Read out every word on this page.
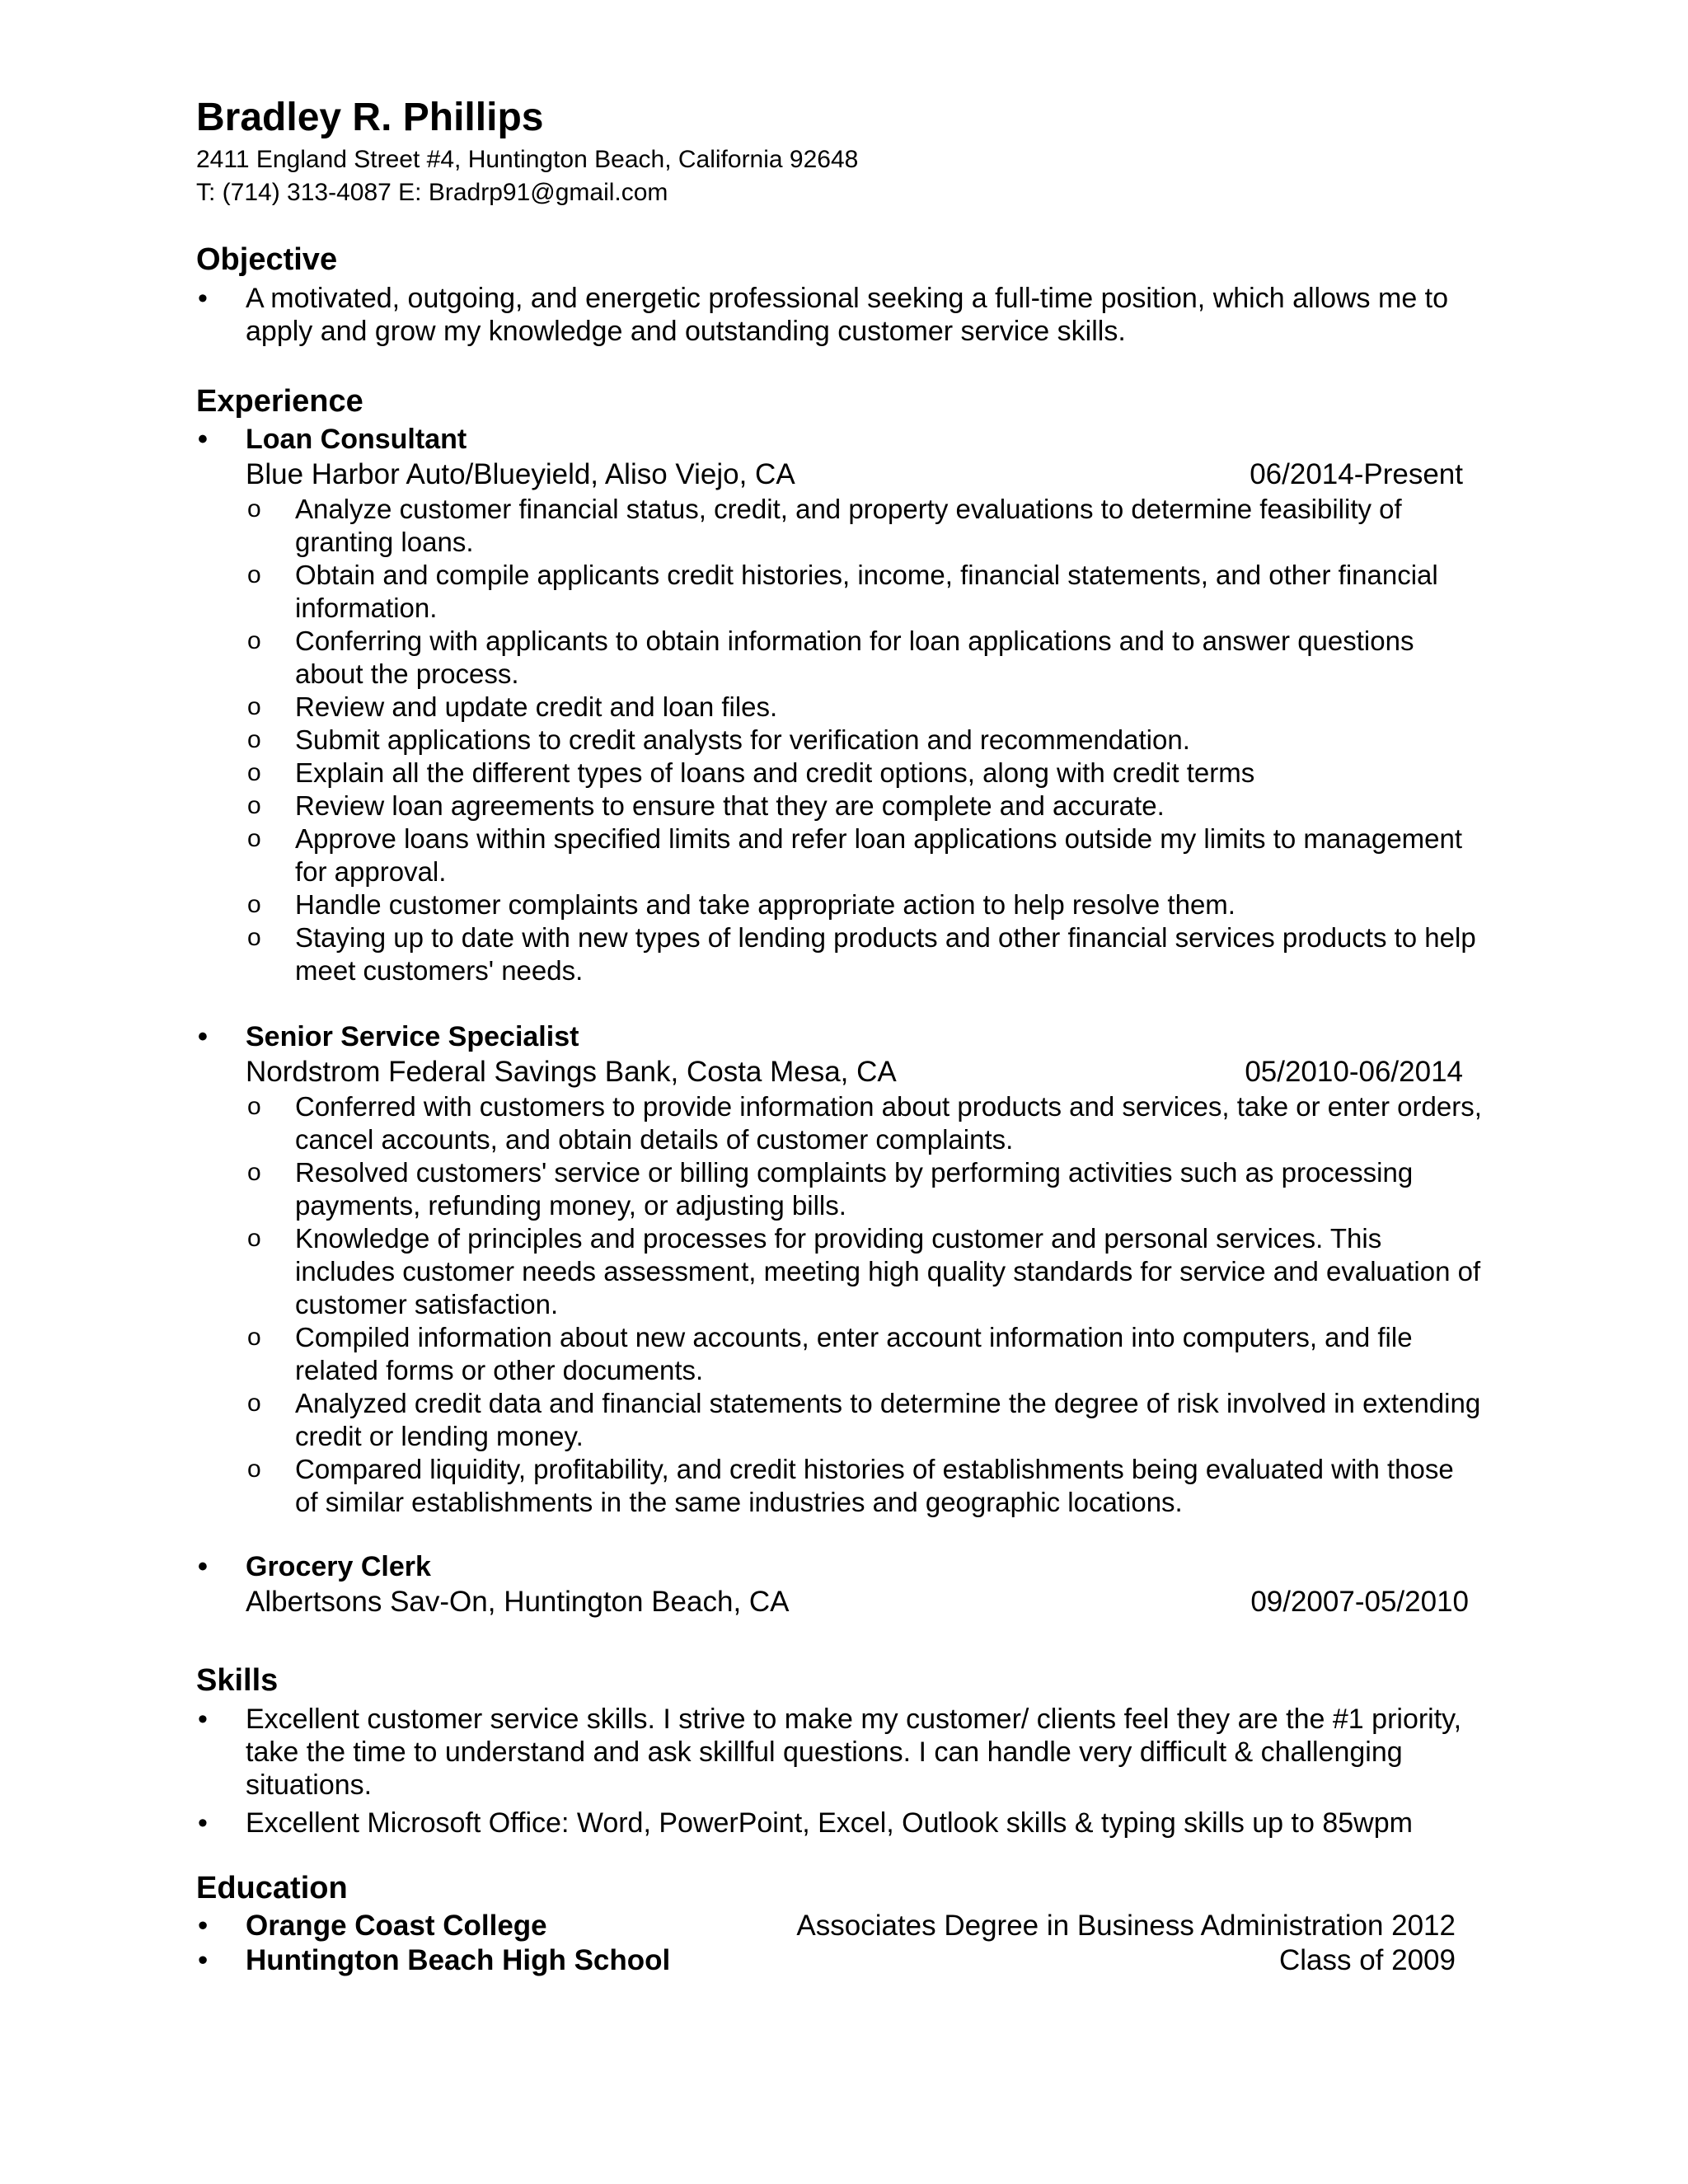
Bradley R. Phillips
2411 England Street #4, Huntington Beach, California 92648
T: (714) 313-4087 E: Bradrp91@gmail.com
Objective
• A motivated, outgoing, and energetic professional seeking a full-time position, which allows me to apply and grow my knowledge and outstanding customer service skills.
Experience
• Loan Consultant
Blue Harbor Auto/Blueyield, Aliso Viejo, CA	06/2014-Present
o Analyze customer financial status, credit, and property evaluations to determine feasibility of granting loans.
o Obtain and compile applicants credit histories, income, financial statements, and other financial information.
o Conferring with applicants to obtain information for loan applications and to answer questions about the process.
o Review and update credit and loan files.
o Submit applications to credit analysts for verification and recommendation.
o Explain all the different types of loans and credit options, along with credit terms
o Review loan agreements to ensure that they are complete and accurate.
o Approve loans within specified limits and refer loan applications outside my limits to management for approval.
o Handle customer complaints and take appropriate action to help resolve them.
o Staying up to date with new types of lending products and other financial services products to help meet customers' needs.
• Senior Service Specialist
Nordstrom Federal Savings Bank, Costa Mesa, CA	05/2010-06/2014
o Conferred with customers to provide information about products and services, take or enter orders, cancel accounts, and obtain details of customer complaints.
o Resolved customers' service or billing complaints by performing activities such as processing payments, refunding money, or adjusting bills.
o Knowledge of principles and processes for providing customer and personal services. This includes customer needs assessment, meeting high quality standards for service and evaluation of customer satisfaction.
o Compiled information about new accounts, enter account information into computers, and file related forms or other documents.
o Analyzed credit data and financial statements to determine the degree of risk involved in extending credit or lending money.
o Compared liquidity, profitability, and credit histories of establishments being evaluated with those of similar establishments in the same industries and geographic locations.
• Grocery Clerk
Albertsons Sav-On, Huntington Beach, CA	09/2007-05/2010
Skills
• Excellent customer service skills. I strive to make my customer/ clients feel they are the #1 priority, take the time to understand and ask skillful questions. I can handle very difficult & challenging situations.
• Excellent Microsoft Office: Word, PowerPoint, Excel, Outlook skills & typing skills up to 85wpm
Education
• Orange Coast College	Associates Degree in Business Administration 2012
• Huntington Beach High School	Class of 2009
